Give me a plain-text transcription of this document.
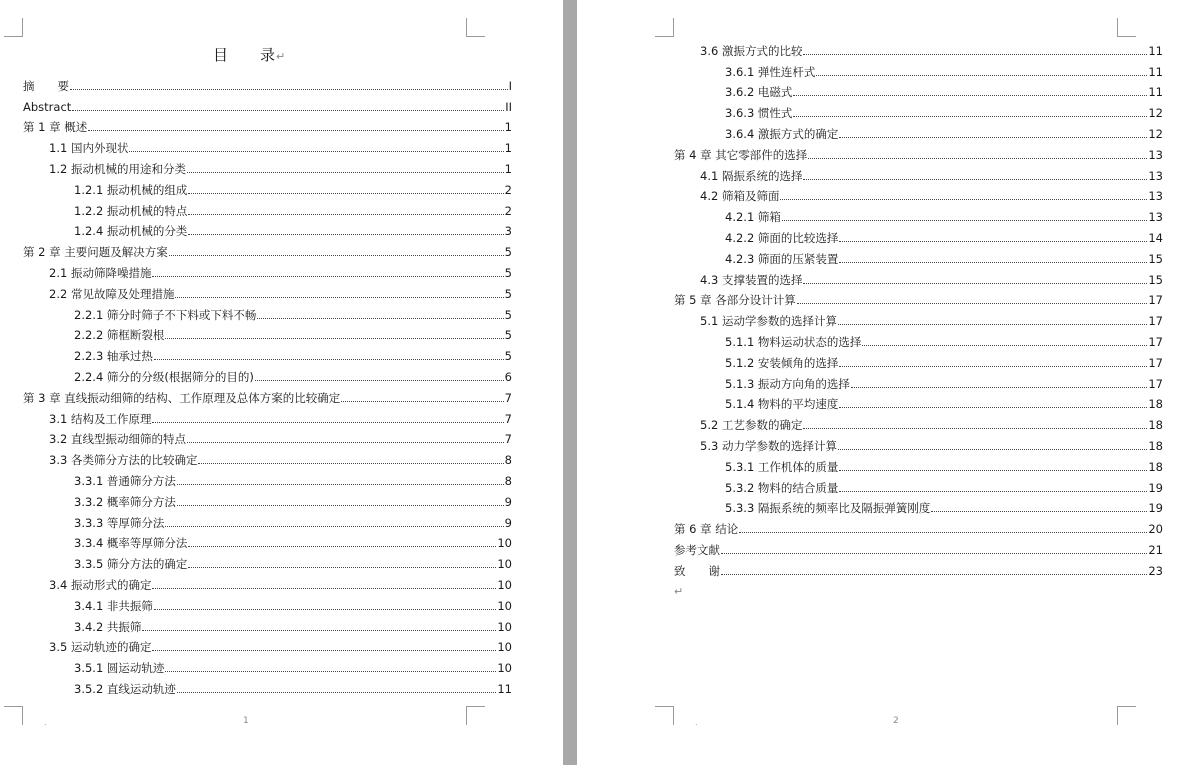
目 录↵
摘　　要	I
Abstract	II
第 1 章 概述	1
1.1 国内外现状	1
1.2 振动机械的用途和分类	1
1.2.1 振动机械的组成	2
1.2.2 振动机械的特点	2
1.2.4 振动机械的分类	3
第 2 章 主要问题及解决方案	5
2.1 振动筛降噪措施	5
2.2 常见故障及处理措施	5
2.2.1 筛分时筛子不下料或下料不畅	5
2.2.2 筛框断裂根	5
2.2.3 轴承过热	5
2.2.4 筛分的分级(根据筛分的目的)	6
第 3 章 直线振动细筛的结构、工作原理及总体方案的比较确定	7
3.1 结构及工作原理	7
3.2 直线型振动细筛的特点	7
3.3 各类筛分方法的比较确定	8
3.3.1 普通筛分方法	8
3.3.2 概率筛分方法	9
3.3.3 等厚筛分法	9
3.3.4 概率等厚筛分法	10
3.3.5 筛分方法的确定	10
3.4 振动形式的确定	10
3.4.1 非共振筛	10
3.4.2 共振筛	10
3.5 运动轨迹的确定	10
3.5.1 圆运动轨迹	10
3.5.2 直线运动轨迹	11
.	1
3.6 激振方式的比较	11
3.6.1 弹性连杆式	11
3.6.2 电磁式	11
3.6.3 惯性式	12
3.6.4 激振方式的确定	12
第 4 章 其它零部件的选择	13
4.1 隔振系统的选择	13
4.2 筛箱及筛面	13
4.2.1 筛箱	13
4.2.2 筛面的比较选择	14
4.2.3 筛面的压紧装置	15
4.3 支撑装置的选择	15
第 5 章 各部分设计计算	17
5.1 运动学参数的选择计算	17
5.1.1 物料运动状态的选择	17
5.1.2 安装倾角的选择	17
5.1.3 振动方向角的选择	17
5.1.4 物料的平均速度	18
5.2 工艺参数的确定	18
5.3 动力学参数的选择计算	18
5.3.1 工作机体的质量	18
5.3.2 物料的结合质量	19
5.3.3 隔振系统的频率比及隔振弹簧刚度	19
第 6 章 结论	20
参考文献	21
致　　谢	23
↵
.	2
